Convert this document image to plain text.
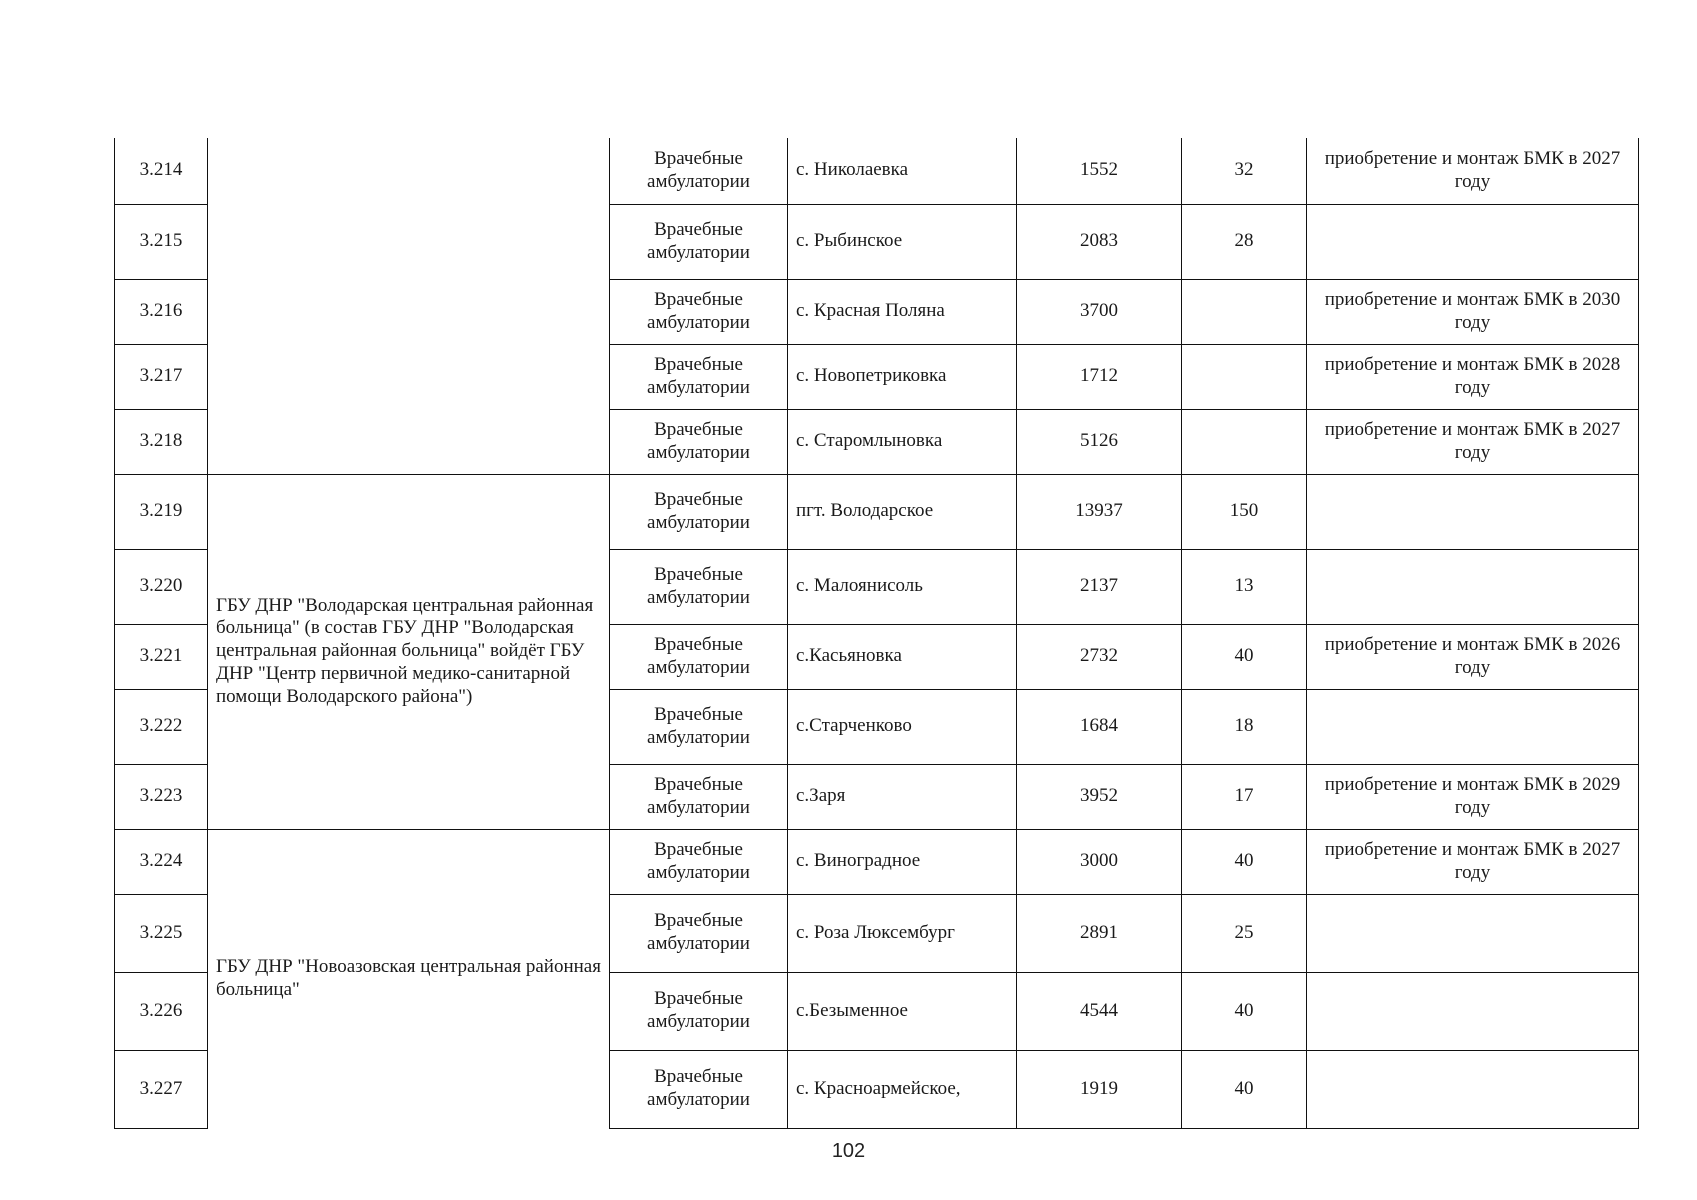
3.214		Врачебные амбулатории	с. Николаевка	1552	32	приобретение и монтаж БМК в 2027 году
3.215		Врачебные амбулатории	с. Рыбинское	2083	28	
3.216		Врачебные амбулатории	с. Красная Поляна	3700		приобретение и монтаж БМК в 2030 году
3.217		Врачебные амбулатории	с. Новопетриковка	1712		приобретение и монтаж БМК в 2028 году
3.218		Врачебные амбулатории	с. Старомлыновка	5126		приобретение и монтаж БМК в 2027 году
3.219	ГБУ ДНР "Володарская центральная районная больница" (в состав ГБУ ДНР "Володарская центральная районная больница" войдёт ГБУ ДНР "Центр первичной медико-санитарной помощи Володарского района")	Врачебные амбулатории	пгт. Володарское	13937	150	
3.220		Врачебные амбулатории	с. Малоянисоль	2137	13	
3.221		Врачебные амбулатории	с.Касьяновка	2732	40	приобретение и монтаж БМК в 2026 году
3.222		Врачебные амбулатории	с.Старченково	1684	18	
3.223		Врачебные амбулатории	с.Заря	3952	17	приобретение и монтаж БМК в 2029 году
3.224	ГБУ ДНР "Новоазовская центральная районная больница"	Врачебные амбулатории	с. Виноградное	3000	40	приобретение и монтаж БМК в 2027 году
3.225		Врачебные амбулатории	с. Роза Люксембург	2891	25	
3.226		Врачебные амбулатории	с.Безыменное	4544	40	
3.227		Врачебные амбулатории	с. Красноармейское,	1919	40	
102
